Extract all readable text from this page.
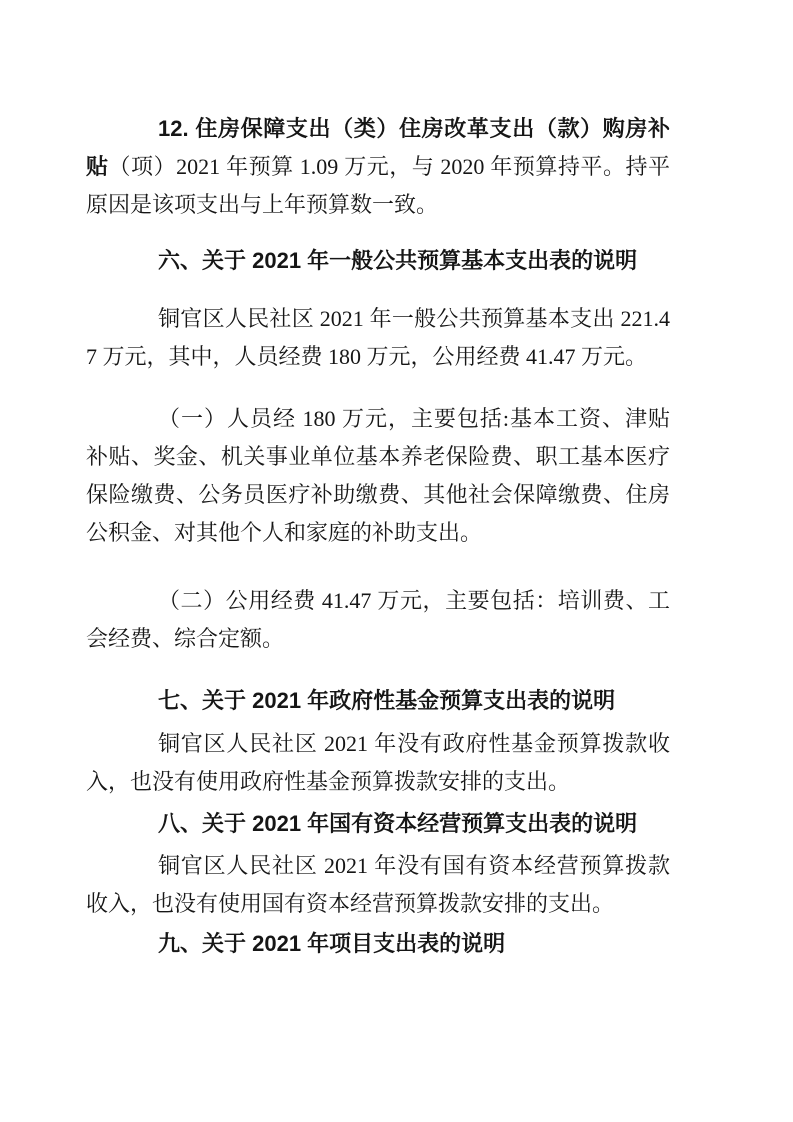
12. 住房保障支出（类）住房改革支出（款）购房补贴（项）2021 年预算 1.09 万元，与 2020 年预算持平。持平原因是该项支出与上年预算数一致。

六、关于 2021 年一般公共预算基本支出表的说明

铜官区人民社区 2021 年一般公共预算基本支出 221.47 万元，其中，人员经费 180 万元，公用经费 41.47 万元。

（一）人员经 180 万元，主要包括:基本工资、津贴补贴、奖金、机关事业单位基本养老保险费、职工基本医疗保险缴费、公务员医疗补助缴费、其他社会保障缴费、住房公积金、对其他个人和家庭的补助支出。

（二）公用经费 41.47 万元，主要包括：培训费、工会经费、综合定额。

七、关于 2021 年政府性基金预算支出表的说明

铜官区人民社区 2021 年没有政府性基金预算拨款收入，也没有使用政府性基金预算拨款安排的支出。

八、关于 2021 年国有资本经营预算支出表的说明

铜官区人民社区 2021 年没有国有资本经营预算拨款收入，也没有使用国有资本经营预算拨款安排的支出。

九、关于 2021 年项目支出表的说明
